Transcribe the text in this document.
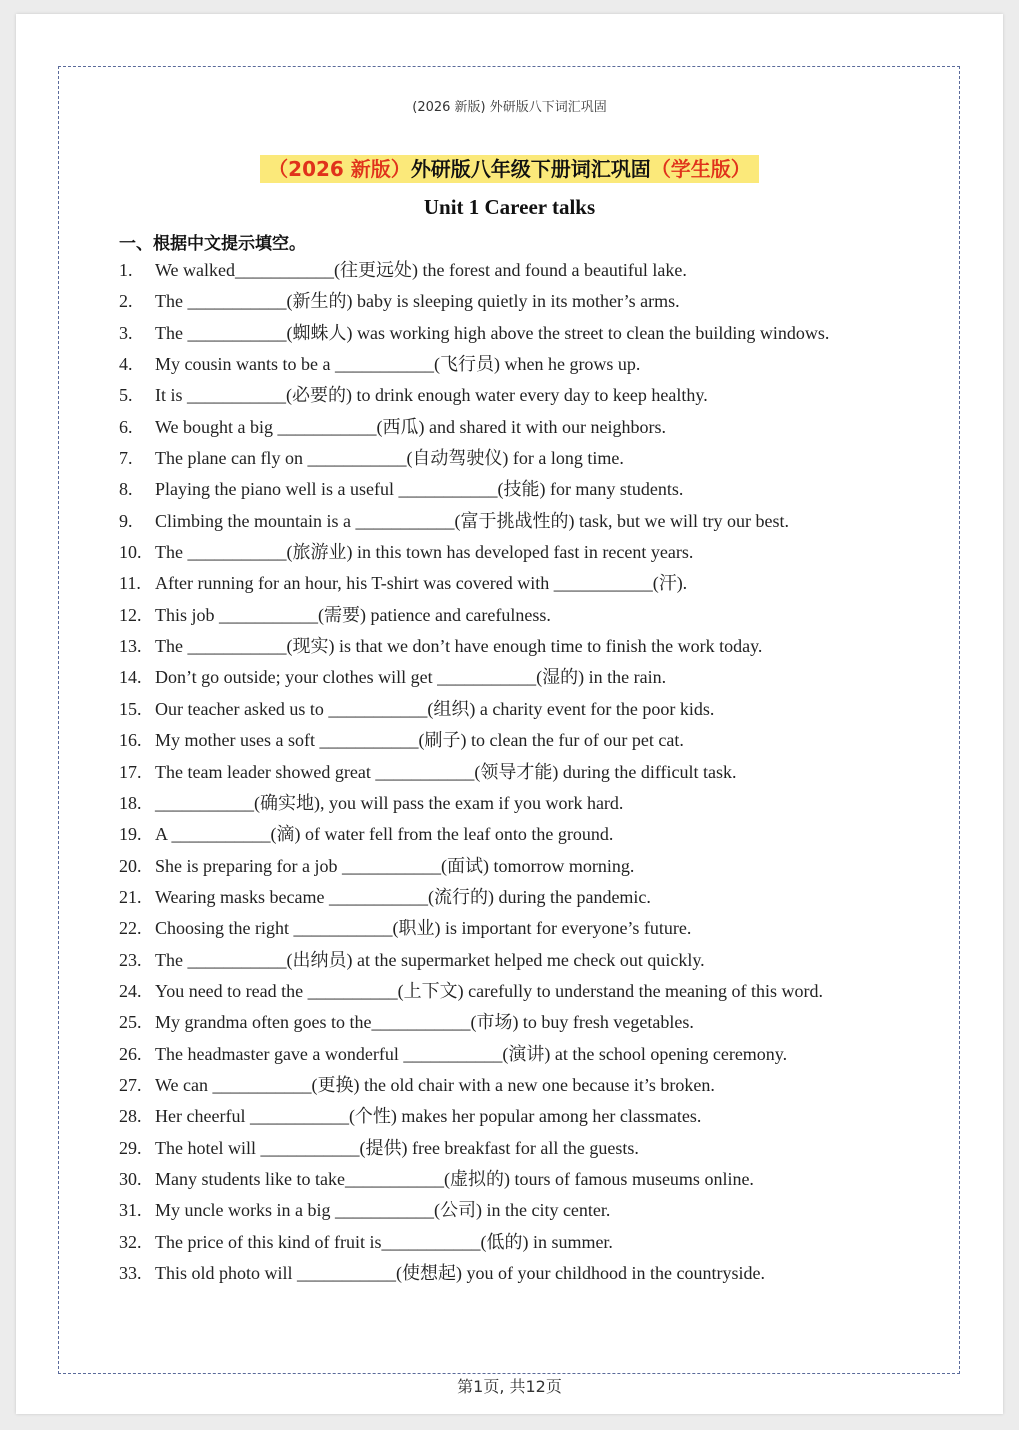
(2026 新版) 外研版八下词汇巩固
（2026 新版）外研版八年级下册词汇巩固（学生版）
Unit 1 Career talks
一、根据中文提示填空。
1. We walked___________(往更远处) the forest and found a beautiful lake.
2. The ___________(新生的) baby is sleeping quietly in its mother’s arms.
3. The ___________(蜘蛛人) was working high above the street to clean the building windows.
4. My cousin wants to be a ___________(飞行员) when he grows up.
5. It is ___________(必要的) to drink enough water every day to keep healthy.
6. We bought a big ___________(西瓜) and shared it with our neighbors.
7. The plane can fly on ___________(自动驾驶仪) for a long time.
8. Playing the piano well is a useful ___________(技能) for many students.
9. Climbing the mountain is a ___________(富于挑战性的) task, but we will try our best.
10. The ___________(旅游业) in this town has developed fast in recent years.
11. After running for an hour, his T-shirt was covered with ___________(汗).
12. This job ___________(需要) patience and carefulness.
13. The ___________(现实) is that we don’t have enough time to finish the work today.
14. Don’t go outside; your clothes will get ___________(湿的) in the rain.
15. Our teacher asked us to ___________(组织) a charity event for the poor kids.
16. My mother uses a soft ___________(刷子) to clean the fur of our pet cat.
17. The team leader showed great ___________(领导才能) during the difficult task.
18. ___________(确实地), you will pass the exam if you work hard.
19. A ___________(滴) of water fell from the leaf onto the ground.
20. She is preparing for a job ___________(面试) tomorrow morning.
21. Wearing masks became ___________(流行的) during the pandemic.
22. Choosing the right ___________(职业) is important for everyone’s future.
23. The ___________(出纳员) at the supermarket helped me check out quickly.
24. You need to read the __________(上下文) carefully to understand the meaning of this word.
25. My grandma often goes to the___________(市场) to buy fresh vegetables.
26. The headmaster gave a wonderful ___________(演讲) at the school opening ceremony.
27. We can ___________(更换) the old chair with a new one because it’s broken.
28. Her cheerful ___________(个性) makes her popular among her classmates.
29. The hotel will ___________(提供) free breakfast for all the guests.
30. Many students like to take___________(虚拟的) tours of famous museums online.
31. My uncle works in a big ___________(公司) in the city center.
32. The price of this kind of fruit is___________(低的) in summer.
33. This old photo will ___________(使想起) you of your childhood in the countryside.
第1页, 共12页
